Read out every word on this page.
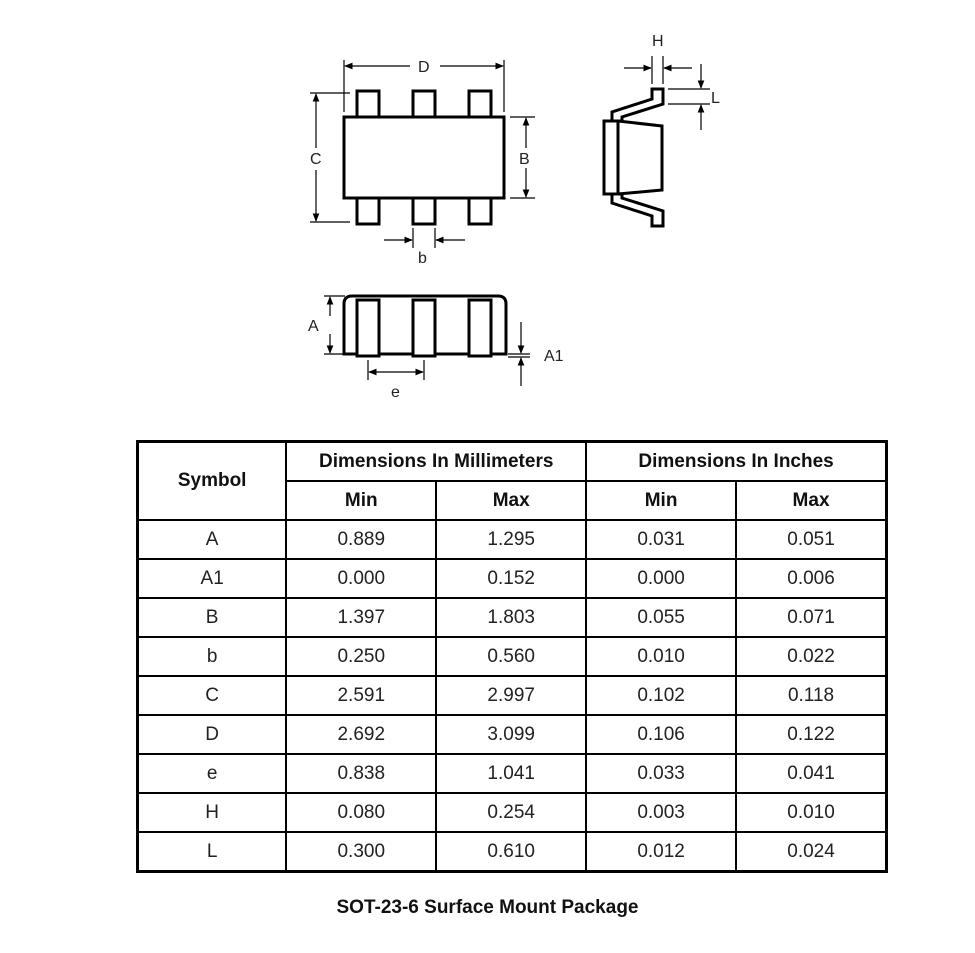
D
C	B
b
H
L
A
A1
e
Symbol	Dimensions In Millimeters		Dimensions In Inches	
	Min	Max	Min	Max
A	0.889	1.295	0.031	0.051
A1	0.000	0.152	0.000	0.006
B	1.397	1.803	0.055	0.071
b	0.250	0.560	0.010	0.022
C	2.591	2.997	0.102	0.118
D	2.692	3.099	0.106	0.122
e	0.838	1.041	0.033	0.041
H	0.080	0.254	0.003	0.010
L	0.300	0.610	0.012	0.024
SOT-23-6 Surface Mount Package
